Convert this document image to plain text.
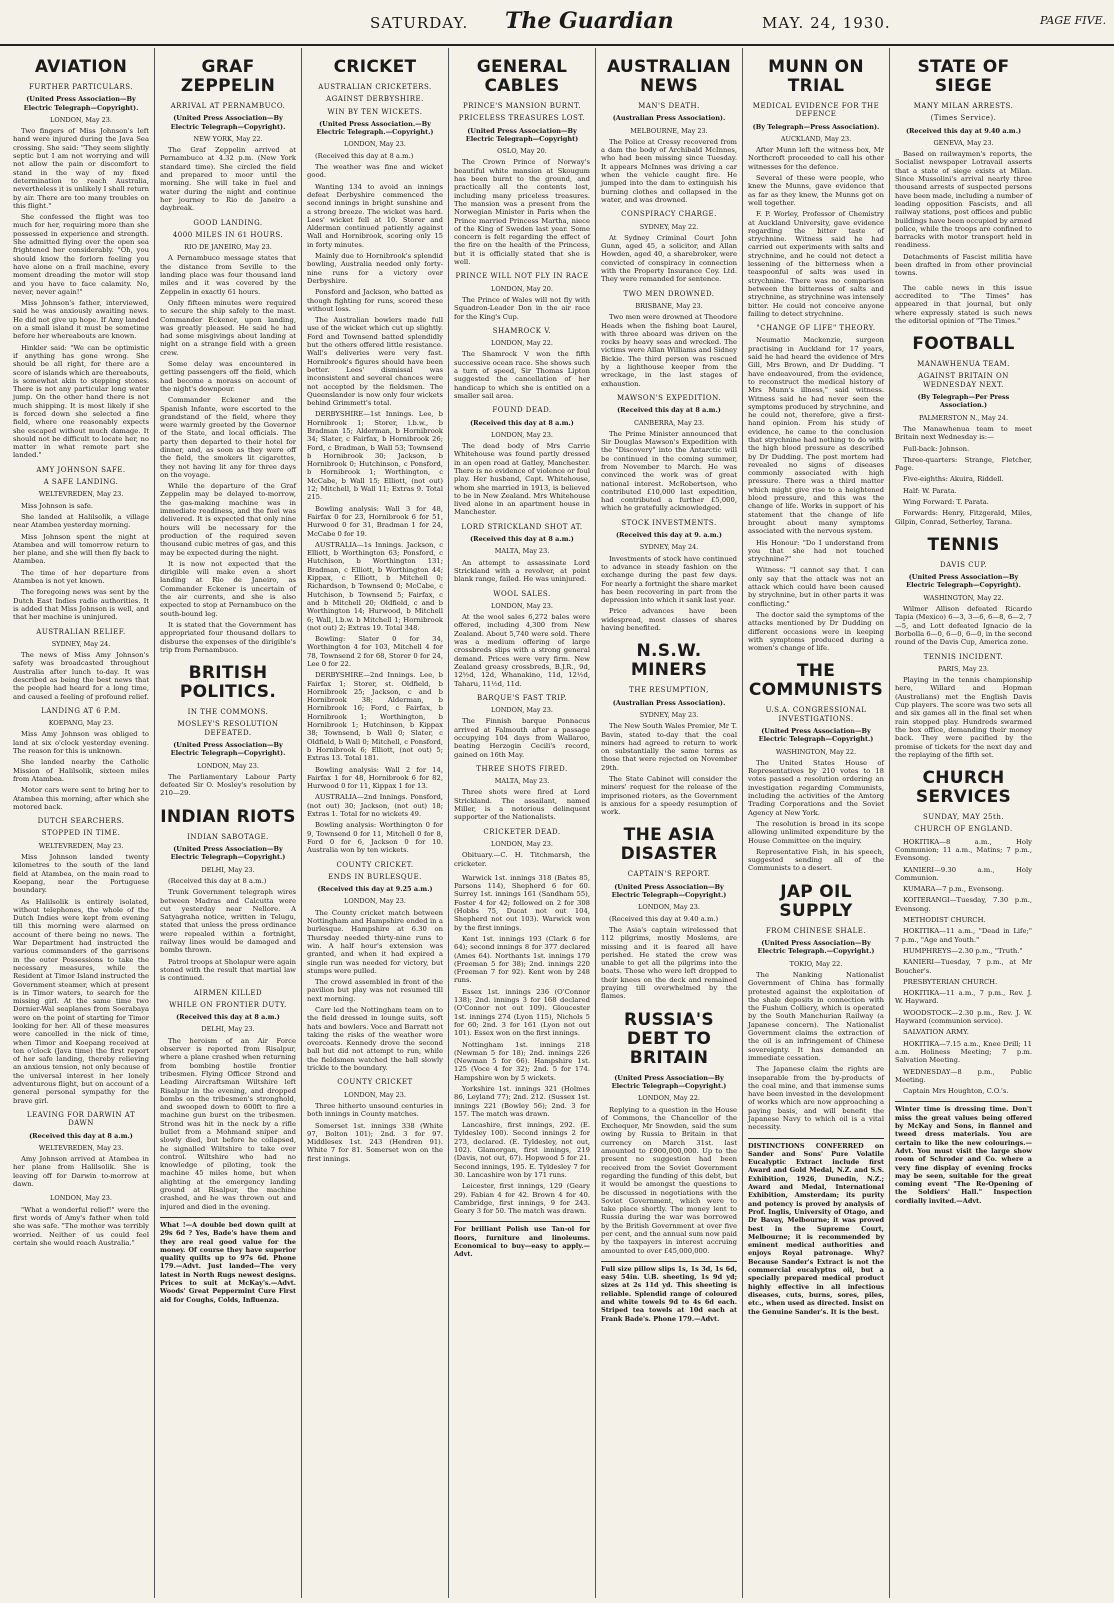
SATURDAY. The Guardian	MAY. 24, 1930.	PAGE FIVE.
AVIATION
FURTHER PARTICULARS.
(United Press Association—By Electric Telegraph—Copyright).
LONDON, May 23.

Two fingers of Miss Johnson's left hand were injured during the Java Sea crossing. She said: "They seem slightly septic but I am not worrying and will not allow the pain or discomfort to stand in the way of my fixed determination to reach Australia, nevertheless it is unlikely I shall return by air. There are too many troubles on this flight."

She confessed the flight was too much for her, requiring more than she possessed in experience and strength. She admitted flying over the open sea frightened her considerably. "Oh, you should know the forlorn feeling you have alone on a frail machine, every moment dreading the motor will stop and you have to face calamity. No, never, never again!"

Miss Johnson's father, interviewed, said he was anxiously awaiting news. He did not give up hope. If Amy landed on a small island it must be sometime before her whereabouts are known.

Hinkler said: "We can be optimistic if anything has gone wrong. She should be all right, for there are a score of islands which are thereabouts, is somewhat akin to stepping stones. There is not any particular long water jump. On the other hand there is not much shipping. It is most likely if she is forced down she selected a fine field, where one reasonably expects she escaped without much damage. It should not be difficult to locate her, no matter in what remote part she landed."

AMY JOHNSON SAFE.
A SAFE LANDING.
WELTEVREDEN, May 23.

Miss Johnson is safe.

She landed at Halilsolik, a village near Atambea yesterday morning.

Miss Johnson spent the night at Atambea and will tomorrow return to her plane, and she will then fly back to Atambea.

The time of her departure from Atambea is not yet known.

The foregoing news was sent by the Dutch East Indies radio authorities. It is added that Miss Johnson is well, and that her machine is uninjured.

AUSTRALIAN RELIEF.
SYDNEY, May 24.

The news of Miss Amy Johnson's safety was broadcasted throughout Australia after lunch to-day. It was described as being the best news that the people had heard for a long time, and caused a feeling of profound relief.

LANDING AT 6 P.M.
KOEPANG, May 23.

Miss Amy Johnson was obliged to land at six o'clock yesterday evening. The reason for this is unknown.

She landed nearby the Catholic Mission of Halilsolik, sixteen miles from Atambea.

Motor cars were sent to bring her to Atambea this morning, after which she motored back.

DUTCH SEARCHERS.
STOPPED IN TIME.
WELTEVREDEN, May 23.

Miss Johnson landed twenty kilometres to the south of the land field at Atambea, on the main road to Koepang, near the Portuguese boundary.

As Halilsolik is entirely isolated, without telephones, the whole of the Dutch Indies were kept from evening till this morning were alarmed on account of there being no news. The War Department had instructed the various commanders of the garrisons in the outer Possessions to take the necessary measures, while the Resident at Timor Island instructed the Government steamer, which at present is in Timor waters, to search for the missing girl. At the same time two Dornier-Wal seaplanes from Soerabaya were on the point of starting for Timor looking for her. All of these measures were cancelled in the nick of time, when Timor and Koepang received at ten o'clock (Java time) the first report of her safe landing, thereby relieving an anxious tension, not only because of the universal interest in her lonely adventurous flight, but on account of a general personal sympathy for the brave girl.

LEAVING FOR DARWIN AT DAWN
(Received this day at 8 a.m.)
WELTEVREDEN, May 23.

Amy Johnson arrived at Atambea in her plane from Halilsolik. She is leaving off for Darwin to-morrow at dawn.

LONDON, May 23.

"What a wonderful relief!" were the first words of Amy's father when told she was safe. "The mother was terribly worried. Neither of us could feel certain she would reach Australia."

GRAF ZEPPELIN
ARRIVAL AT PERNAMBUCO.
(United Press Association—By Electric Telegraph—Copyright).
NEW YORK, May 22.

The Graf Zeppelin arrived at Pernambuco at 4.32 p.m. (New York standard time). She circled the field and prepared to moor until the morning. She will take in fuel and water during the night and continue her journey to Rio de Janeiro a daybreak.

GOOD LANDING.
4000 MILES IN 61 HOURS.
RIO DE JANEIRO, May 23.

A Pernambuco message states that the distance from Seville to the landing place was four thousand land miles and it was covered by the Zeppelin in exactly 61 hours.

Only fifteen minutes were required to secure the ship safely to the mast. Commander Eckener, upon landing, was greatly pleased. He said he had had some misgivings about landing at night on a strange field with a green crew.

Some delay was encountered in getting passengers off the field, which had become a morass on account of the night's downpour.

Commander Eckener and the Spanish Infante, were escorted to the grandstand of the field, where they were warmly greeted by the Governor of the State, and local officials. The party then departed to their hotel for dinner, and, as soon as they were off the field, the smokers lit cigarettes, they not having lit any for three days on the voyage.

While the departure of the Graf Zeppelin may be delayed to-morrow, the gas-making machine was in immediate readiness, and the fuel was delivered. It is expected that only nine hours will be necessary for the production of the required seven thousand cubic metres of gas, and this may be expected during the night.

It is now not expected that the dirigible will make even a short landing at Rio de Janeiro, as Commander Eckener is uncertain of the air currents, and she is also expected to stop at Pernambuco on the south-bound leg.

It is stated that the Government has appropriated four thousand dollars to disburse the expenses of the dirigible's trip from Pernambuco.

BRITISH POLITICS.
IN THE COMMONS.
MOSLEY'S RESOLUTION DEFEATED.
(United Press Association—By Electric Telegraph—Copyright).
LONDON, May 23.

The Parliamentary Labour Party defeated Sir O. Mosley's resolution by 210—29.

INDIAN RIOTS
INDIAN SABOTAGE.
(United Press Association—By Electric Telegraph—Copyright.)
DELHI, May 23.

(Received this day at 8 a.m.)

Trunk Government telegraph wires between Madras and Calcutta were cut yesterday near Nellore. A Satyagraha notice, written in Telugu, stated that unless the press ordinance were repealed within a fortnight, railway lines would be damaged and bombs thrown.

Patrol troops at Sholapur were again stoned with the result that martial law is continued.

AIRMEN KILLED
WHILE ON FRONTIER DUTY.
(Received this day at 8 a.m.)
DELHI, May 23.

The heroism of an Air Force observer is reported from Risalpur, where a plane crashed when returning from bombing hostile frontier tribesmen. Flying Officer Strond and Leading Aircraftsman Wiltshire left Risalpur in the evening, and dropped bombs on the tribesmen's stronghold, and swooped down to 600ft to fire a machine gun burst on the tribesmen. Strond was hit in the neck by a rifle bullet from a Mohmand sniper and slowly died, but before he collapsed, he signalled Wiltshire to take over control. Wiltshire who had no knowledge of piloting, took the machine 45 miles home, but when alighting at the emergency landing ground at Risalpur, the machine crashed, and he was thrown out and injured and died in the evening.

What !—A double bed down quilt at 29s 6d ? Yes, Bade's have them and they are real good value for the money. Of course they have superior quality quilts up to 97s 6d. Phone 179.—Advt. Just landed—The very latest in North Rugs newest designs. Prices to suit at McKay's.—Advt. Woods' Great Peppermint Cure First aid for Coughs, Colds, Influenza.
CRICKET
AUSTRALIAN CRICKETERS.
AGAINST DERBYSHIRE.
WIN BY TEN WICKETS.
(United Press Association.—By Electric Telegraph.—Copyright.)
LONDON, May 23.

(Received this day at 8 a.m.)

The weather was fine and wicket good.

Wanting 134 to avoid an innings defeat Derbyshire commenced the second innings in bright sunshine and a strong breeze. The wicket was hard. Lees' wicket fell at 10. Storer and Alderman continued patiently against Wall and Hornibrook, scoring only 15 in forty minutes.

Mainly due to Hornibrook's splendid bowling, Australia needed only forty-nine runs for a victory over Derbyshire.

Ponsford and Jackson, who batted as though fighting for runs, scored these without loss.

The Australian bowlers made full use of the wicket which cut up slightly. Ford and Townsend batted splendidly but the others offered little resistance. Wall's deliveries were very fast. Hornibrook's figures should have been better. Lees' dismissal was inconsistent and several chances were not accepted by the fieldsmen. The Queenslander is now only four wickets behind Grimmett's total.

DERBYSHIRE—1st Innings. Lee, b Hornibrook 1; Storer, l.b.w., b Bradman 15; Alderman, b Hornibrook 34; Slater, c Fairfax, b Hornibrook 26; Ford, c Bradman, b Wall 53; Townsend b Hornibrook 30; Jackson, b Hornibrook 0; Hutchinson, c Ponsford, b Hornibrook 1; Worthington, c McCabe, b Wall 15; Elliott, (not out) 12; Mitchell, b Wall 11; Extras 9. Total 215.

Bowling analysis: Wall 3 for 48, Fairfax 0 for 23, Hornibrook 6 for 51, Hurwood 0 for 31, Bradman 1 for 24, McCabe 0 for 19.

AUSTRALIA—1s Innings. Jackson, c Elliott, b Worthington 63; Ponsford, c Hutchison, b Worthington 131; Bradman, c Elliott, b Worthington 44; Kippax, c Elliott, b Mitchell 0; Richardson, b Townsend 0; McCabe, c Hutchison, b Townsend 5; Fairfax, c and b Mitchell 20; Oldfield, c and b Worthington 14; Hurwood, b Mitchell 6; Wall, l.b.w. b Mitchell 1; Hornibrook (not out) 2; Extras 19. Total 348.

Bowling: Slater 0 for 34, Worthington 4 for 103, Mitchell 4 for 78, Townsend 2 for 68, Storer 0 for 24, Lee 0 for 22.

DERBYSHIRE—2nd Innings. Lee, b Fairfax 1; Storer, st. Oldfield, b Hornibrook 25; Jackson, c and b Hornibrook 38; Alderman, b Hornibrook 16; Ford, c Fairfax, b Hornibrook 1; Worthington, b Hornibrook 1; Hutchinson, b Kippax 38; Townsend, b Wall 0; Slater, c Oldfield, b Wall 0; Mitchell, c Ponsford, b Hornibrook 6; Elliott, (not out) 5; Extras 13. Total 181.

Bowling analysis: Wall 2 for 14, Fairfax 1 for 48, Hornibrook 6 for 82, Hurwood 0 for 11, Kippax 1 for 13.

AUSTRALIA—2nd Innings. Ponsford, (not out) 30; Jackson, (not out) 18; Extras 1. Total for no wickets 49.

Bowling analysis: Worthington 0 for 9, Townsend 0 for 11, Mitchell 0 for 8, Ford 0 for 6, Jackson 0 for 10. Australia won by ten wickets.

COUNTY CRICKET.
ENDS IN BURLESQUE.
(Received this day at 9.25 a.m.)
LONDON, May 23.

The County cricket match between Nottingham and Hampshire ended in a burlesque. Hampshire at 6.30 on Thursday needed thirty-nine runs to win. A half hour's extension was granted, and when it had expired a single run was needed for victory, but stumps were pulled.

The crowd assembled in front of the pavilion but play was not resumed till next morning.

Carr led the Nottingham team on to the field dressed in lounge suits, soft hats and bowlers. Voce and Barratt not taking the risks of the weather wore overcoats. Kennedy drove the second ball but did not attempt to run, while the fieldsmen watched the ball slowly trickle to the boundary.

COUNTY CRICKET
LONDON, May 23.

Three hitherto unsound centuries in both innings in County matches.

Somerset 1st. innings 338 (White 97, Bolton 101); 2nd. 3 for 97. Middlesex 1st. 243 (Hendren 91). White 7 for 81. Somerset won on the first innings.

GENERAL CABLES
PRINCE'S MANSION BURNT.
PRICELESS TREASURES LOST.
(United Press Association—By Electric Telegraph—Copyright)
OSLO, May 20.

The Crown Prince of Norway's beautiful white mansion at Skougum has been burnt to the ground, and practically all the contents lost, including many priceless treasures. The mansion was a present from the Norwegian Minister in Paris when the Prince married Princess Martha, niece of the King of Sweden last year. Some concern is felt regarding the effect of the fire on the health of the Princess, but it is officially stated that she is well.

PRINCE WILL NOT FLY IN RACE
LONDON, May 20.

The Prince of Wales will not fly with Squadron-Leader Don in the air race for the King's Cup.

SHAMROCK V.
LONDON, May 22.

The Shamrock V won the fifth successive ocean race. She shows such a turn of speed, Sir Thomas Lipton suggested the cancellation of her handicap to which she is entitled on a smaller sail area.

FOUND DEAD.
(Received this day at 8 a.m.)
LONDON, May 23.

The dead body of Mrs Carrie Whitehouse was found partly dressed in an open road at Gatley, Manchester. There is no evidence of violence or foul play. Her husband, Capt. Whitehouse, whom she married in 1913, is believed to be in New Zealand. Mrs Whitehouse lived alone in an apartment house in Manchester.

LORD STRICKLAND SHOT AT.
(Received this day at 8 a.m.)
MALTA, May 23.

An attempt to assassinate Lord Strickland with a revolver, at point blank range, failed. He was uninjured.

WOOL SALES.
LONDON, May 23.

At the wool sales 6,272 bales were offered, including 4,300 from New Zealand. About 5,740 were sold. There was a medium offering of large crossbreds slips with a strong general demand. Prices were very firm. New Zealand greasy crossbreds, B.J.R., 9d, 12½d, 12d, Whanakino, 11d, 12½d, Taharu, 11½d, 11d.

BARQUE'S FAST TRIP.
LONDON, May 23.

The Finnish barque Ponnacus arrived at Falmouth after a passage occupying 104 days from Wallaroo, beating Herzogin Cecili's record, gained on 16th May.

THREE SHOTS FIRED.
MALTA, May 23.

Three shots were fired at Lord Strickland. The assailant, named Miller, is a notorious delinquent supporter of the Nationalists.

CRICKETER DEAD.
LONDON, May 23.

Obituary.—C. H. Titchmarsh, the cricketer.

Warwick 1st. innings 318 (Bates 85, Parsons 114), Shepherd 6 for 60. Surrey 1st. innings 161 (Sandham 55), Foster 4 for 42; followed on 2 for 308 (Hobbs 75, Ducat not out 104, Shepherd not out 103). Warwick won by the first innings.

Kent 1st. innings 193 (Clark 6 for 64); second innings 8 for 377 declared (Ames 64). Northants 1st. innings 179 (Freeman 5 for 38); 2nd. innings 220 (Freeman 7 for 92). Kent won by 248 runs.

Essex 1st. innings 236 (O'Connor 138); 2nd. innings 3 for 168 declared (O'Connor not out 109). Gloucester 1st. innings 274 (Lyon 115), Nichols 5 for 60; 2nd. 3 for 161 (Lyon not out 101). Essex won on the first innings.

Nottingham 1st. innings 218 (Newman 5 for 18); 2nd. innings 226 (Newman 5 for 66). Hampshire 1st. 125 (Voce 4 for 32); 2nd. 5 for 174. Hampshire won by 5 wickets.

Yorkshire 1st. innings 321 (Holmes 86, Leyland 77); 2nd. 212. (Sussex 1st. innings 221 (Bowley 56); 2nd. 3 for 157. The match was drawn.

Lancashire, first innings, 292. (E. Tyldesley 100). Second innings 2 for 273, declared. (E. Tyldesley, not out, 102). Glamorgan, first innings, 219 (Davis, not out, 67). Hopwood 5 for 21. Second innings, 195. E. Tyldesley 7 for 30. Lancashire won by 171 runs.

Leicester, first innings, 129 (Geary 29). Fabian 4 for 42. Brown 4 for 40. Cambridge, first innings, 9 for 243. Geary 3 for 50. The match was drawn.

For brilliant Polish use Tan-ol for floors, furniture and linoleums. Economical to buy—easy to apply.—Advt.
AUSTRALIAN NEWS
MAN'S DEATH.
(Australian Press Association).
MELBOURNE, May 23.

The Police at Cressy recovered from a dam the body of Archibald McInnes, who had been missing since Tuesday. It appears McInnes was driving a car when the vehicle caught fire. He jumped into the dam to extinguish his burning clothes and collapsed in the water, and was drowned.

CONSPIRACY CHARGE.
SYDNEY, May 22.

At Sydney Criminal Court John Gunn, aged 45, a solicitor, and Allan Howden, aged 40, a sharebroker, were convicted of conspiracy in connection with the Property Insurance Coy. Ltd. They were remanded for sentence.

TWO MEN DROWNED.
BRISBANE, May 23.

Two men were drowned at Theodore Heads when the fishing boat Laurel, with three aboard was driven on the rocks by heavy seas and wrecked. The victims were Allan Williams and Sidney Bickie. The third person was rescued by a lighthouse keeper from the wreckage, in the last stages of exhaustion.

MAWSON'S EXPEDITION.
(Received this day at 8 a.m.)
CANBERRA, May 23.

The Prime Minister announced that Sir Douglas Mawson's Expedition with the "Discovery" into the Antarctic will be continued in the coming summer, from November to March. He was convinced the work was of great national interest. McRobertson, who contributed £10,000 last expedition, had contributed a further £5,000, which he gratefully acknowledged.

STOCK INVESTMENTS.
(Received this day at 9. a.m.)
SYDNEY, May 24.

Investments of stock have continued to advance in steady fashion on the exchange during the past few days. For nearly a fortnight the share market has been recovering in part from the depression into which it sank last year.

Price advances have been widespread, most classes of shares having benefited.

N.S.W. MINERS
THE RESUMPTION,
(Australian Press Association).
SYDNEY, May 23.

The New South Wales Premier, Mr T. Bavin, stated to-day that the coal miners had agreed to return to work on substantially the same terms as those that were rejected on November 29th.

The State Cabinet will consider the miners' request for the release of the imprisoned rioters, as the Government is anxious for a speedy resumption of work.

THE ASIA DISASTER
CAPTAIN'S REPORT.
(United Press Association—By Electric Telegraph—Copyright.)
LONDON, May 23.

(Received this day at 9.40 a.m.)

The Asia's captain wirelessed that 112 pilgrims, mostly Moslems, are missing and it is feared all have perished. He stated the crew was unable to get all the pilgrims into the boats. Those who were left dropped to their knees on the deck and remained praying till overwhelmed by the flames.

RUSSIA'S DEBT TO BRITAIN
(United Press Association—By Electric Telegraph—Copyright.)
LONDON, May 22.

Replying to a question in the House of Commons, the Chancellor of the Exchequer, Mr Snowden, said the sum owing by Russia to Britain in that currency on March 31st. last amounted to £900,000,000. Up to the present no suggestion had been received from the Soviet Government regarding the funding of this debt, but it would be amongst the questions to be discussed in negotiations with the Soviet Government, which were to take place shortly. The money lent to Russia during the war was borrowed by the British Government at over five per cent, and the annual sum now paid by the taxpayers in interest accruing amounted to over £45,000,000.

Full size pillow slips 1s, 1s 3d, 1s 6d, easy 54in. U.B. sheeting, 1s 9d yd; sizes at 2s 11d yd. This sheeting is reliable. Splendid range of coloured and white towels 9d to 4s 6d each. Striped tea towels at 10d each at Frank Bade's. Phone 179.—Advt.
MUNN ON TRIAL
MEDICAL EVIDENCE FOR THE DEFENCE
(By Telegraph—Press Association).
AUCKLAND, May 23.

After Munn left the witness box, Mr Northcroft proceeded to call his other witnesses for the defence.

Several of these were people, who knew the Munns, gave evidence that as far as they knew, the Munns got on well together.

F. P. Worley, Professor of Chemistry at Auckland University, gave evidence regarding the bitter taste of strychnine. Witness said he had carried out experiments with salts and strychnine, and he could not detect a lessening of the bitterness when a teaspoonful of salts was used in strychnine. There was no comparison between the bitterness of salts and strychnine, as strychnine was intensely bitter. He could not conceive anyone failing to detect strychnine.

"CHANGE OF LIFE" THEORY.

Neumatio Mackenzie, surgeon practising in Auckland for 17 years, said he had heard the evidence of Mrs Gill, Mrs Brown, and Dr Dudding. "I have endeavoured, from the evidence, to reconstruct the medical history of Mrs Munn's illness," said witness. Witness said he had never seen the symptoms produced by strychnine, and he could not, therefore, give a first-hand opinion. From his study of evidence, he came to the conclusion that strychnine had nothing to do with the high blood pressure as described by Dr Dudding. The post mortem had revealed no signs of diseases commonly associated with high pressure. There was a third matter which might give rise to a heightened blood pressure, and this was the change of life. Works in support of his statement that the change of life brought about many symptoms associated with the nervous system.

His Honour: "Do I understand from you that she had not touched strychnine?"

Witness: "I cannot say that. I can only say that the attack was not an attack which could have been caused by strychnine, but in other parts it was conflicting."

The doctor said the symptoms of the attacks mentioned by Dr Dudding on different occasions were in keeping with symptoms produced during a women's change of life.

THE COMMUNISTS
U.S.A. CONGRESSIONAL INVESTIGATIONS.
(United Press Association—By Electric Telegraph—Copyright.)
WASHINGTON, May 22.

The United States House of Representatives by 210 votes to 18 votes passed a resolution ordering an investigation regarding Communists, including the activities of the Amtorg Trading Corporations and the Soviet Agency at New York.

The resolution is broad in its scope allowing unlimited expenditure by the House Committee on the inquiry.

Representative Fish, in his speech, suggested sending all of the Communists to a desert.

JAP OIL SUPPLY
FROM CHINESE SHALE.
(United Press Association—By Electric Telegraph.—Copyright.)
TOKIO, May 22.

The Nanking Nationalist Government of China has formally protested against the exploitation of the shale deposits in connection with the Fushun Colliery, which is operated by the South Manchurian Railway (a Japanese concern). The Nationalist Government claims the extraction of the oil is an infringement of Chinese sovereignty. It has demanded an immediate cessation.

The Japanese claim the rights are inseparable from the by-products of the coal mine, and that immense sums have been invested in the development of works which are now approaching a paying basis, and will benefit the Japanese Navy to which oil is a vital necessity.

DISTINCTIONS CONFERRED on Sander and Sons' Pure Volatile Eucalyptic Extract include first Award and Gold Medal, N.Z. and S.S. Exhibition, 1926, Dunedin, N.Z.; Award and Medal, International Exhibition, Amsterdam; its purity and potency is proved by analysis of Prof. Inglis, University of Otago, and Dr Bavay, Melbourne; it was proved best in the Supreme Court, Melbourne; it is recommended by eminent medical authorities and enjoys Royal patronage. Why? Because Sander's Extract is not the commercial eucalyptus oil, but a specially prepared medical product highly effective in all infectious diseases, cuts, burns, sores, piles, etc., when used as directed. Insist on the Genuine Sander's. It is the best.
STATE OF SIEGE
MANY MILAN ARRESTS.
(Times Service).
(Received this day at 9.40 a.m.)
GENEVA, May 23.

Based on railwaymen's reports, the Socialist newspaper Lotravail asserts that a state of siege exists at Milan. Since Mussolini's arrival nearly three thousand arrests of suspected persons have been made, including a number of leading opposition Fascists, and all railway stations, post offices and public buildings have been occupied by armed police, while the troops are confined to barracks with motor transport held in readiness.

Detachments of Fascist militia have been drafted in from other provincial towns.

The cable news in this issue accredited to "The Times" has appeared in that journal, but only where expressly stated is such news the editorial opinion of "The Times."

FOOTBALL
MANAWHENUA TEAM.
AGAINST BRITAIN ON WEDNESDAY NEXT.
(By Telegraph—Per Press Association.)
PALMERSTON N., May 24.

The Manawhenua team to meet Britain next Wednesday is:—

Full-back: Johnson.

Three-quarters: Strange, Fletcher, Page.

Five-eighths: Akuira, Riddell.

Half: W. Parata.

Wing Forward: T. Parata.

Forwards: Henry, Fitzgerald, Miles, Gilpin, Conrad, Setherley, Tarana.

TENNIS
DAVIS CUP.
(United Press Association—By Electric Telegraph—Copyright).
WASHINGTON, May 22.

Wilmer Allison defeated Ricardo Tapia (Mexico) 6—3, 3—6, 6—8, 6—2, 7—5, and Lott defeated Ignacio de la Borbolla 6—0, 6—0, 6—0, in the second round of the Davis Cup, America zone.

TENNIS INCIDENT.
PARIS, May 23.

Playing in the tennis championship here, Willard and Hopman (Australians) met the English Davis Cup players. The score was two sets all and six games all in the final set when rain stopped play. Hundreds swarmed the box office, demanding their money back. They were pacified by the promise of tickets for the next day and the replaying of the fifth set.

CHURCH SERVICES
SUNDAY, MAY 25th.
CHURCH OF ENGLAND.

HOKITIKA—8 a.m., Holy Communion; 11 a.m., Matins; 7 p.m., Evensong.

KANIERI—9.30 a.m., Holy Communion.

KUMARA—7 p.m., Evensong.

KOITERANGI—Tuesday, 7.30 p.m., Evensong.

METHODIST CHURCH.

HOKITIKA—11 a.m., "Dead in Life;" 7 p.m., "Age and Youth."

HUMPHREYS—2.30 p.m., "Truth."

KANIERI—Tuesday, 7 p.m., at Mr Boucher's.

PRESBYTERIAN CHURCH.

HOKITIKA—11 a.m., 7 p.m., Rev. J. W. Hayward.

WOODSTOCK—2.30 p.m., Rev. J. W. Hayward (communion service).

SALVATION ARMY.

HOKITIKA—7.15 a.m., Knee Drill; 11 a.m. Holiness Meeting; 7 p.m. Salvation Meeting.

WEDNESDAY—8 p.m., Public Meeting.

Captain Mrs Houghton, C.O.'s.

Winter time is dressing time. Don't miss the great values being offered by McKay and Sons, in flannel and tweed dress materials. You are certain to like the new colourings.—Advt. You must visit the large show room of Schroder and Co. where a very fine display of evening frocks may be seen, suitable for the great coming event "The Re-Opening of the Soldiers' Hall." Inspection cordially invited.—Advt.
